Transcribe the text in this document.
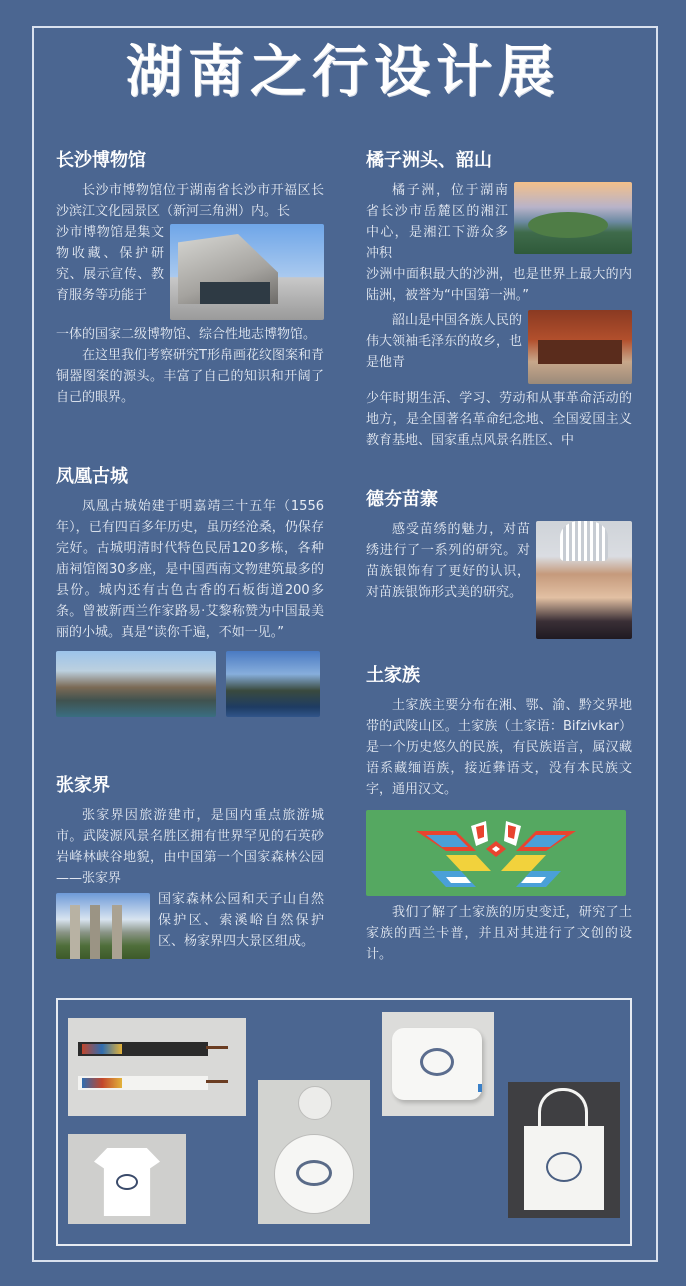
湖南之行设计展
长沙博物馆

长沙市博物馆位于湖南省长沙市开福区长沙滨江文化园景区（新河三角洲）内。长

沙市博物馆是集文物收藏、保护研究、展示宣传、教育服务等功能于

一体的国家二级博物馆、综合性地志博物馆。

在这里我们考察研究T形帛画花纹图案和青铜器图案的源头。丰富了自己的知识和开阔了自己的眼界。

凤凰古城

凤凰古城始建于明嘉靖三十五年（1556年），已有四百多年历史，虽历经沧桑，仍保存完好。古城明清时代特色民居120多栋，各种庙祠馆阁30多座，是中国西南文物建筑最多的县份。城内还有古色古香的石板街道200多条。曾被新西兰作家路易·艾黎称赞为中国最美丽的小城。真是“读你千遍，不如一见。”

张家界

张家界因旅游建市，是国内重点旅游城市。武陵源风景名胜区拥有世界罕见的石英砂岩峰林峡谷地貌，由中国第一个国家森林公园——张家界

国家森林公园和天子山自然保护区、索溪峪自然保护区、杨家界四大景区组成。

橘子洲头、韶山

橘子洲，位于湖南省长沙市岳麓区的湘江中心，是湘江下游众多冲积

沙洲中面积最大的沙洲，也是世界上最大的内陆洲，被誉为“中国第一洲。”

韶山是中国各族人民的伟大领袖毛泽东的故乡，也是他青

少年时期生活、学习、劳动和从事革命活动的地方，是全国著名革命纪念地、全国爱国主义教育基地、国家重点风景名胜区、中

德夯苗寨

感受苗绣的魅力，对苗绣进行了一系列的研究。对苗族银饰有了更好的认识，对苗族银饰形式美的研究。

土家族

土家族主要分布在湘、鄂、渝、黔交界地带的武陵山区。土家族（土家语：Bifzivkar）是一个历史悠久的民族，有民族语言，属汉藏语系藏缅语族，接近彝语支，没有本民族文字，通用汉文。

我们了解了土家族的历史变迁，研究了土家族的西兰卡普，并且对其进行了文创的设计。
